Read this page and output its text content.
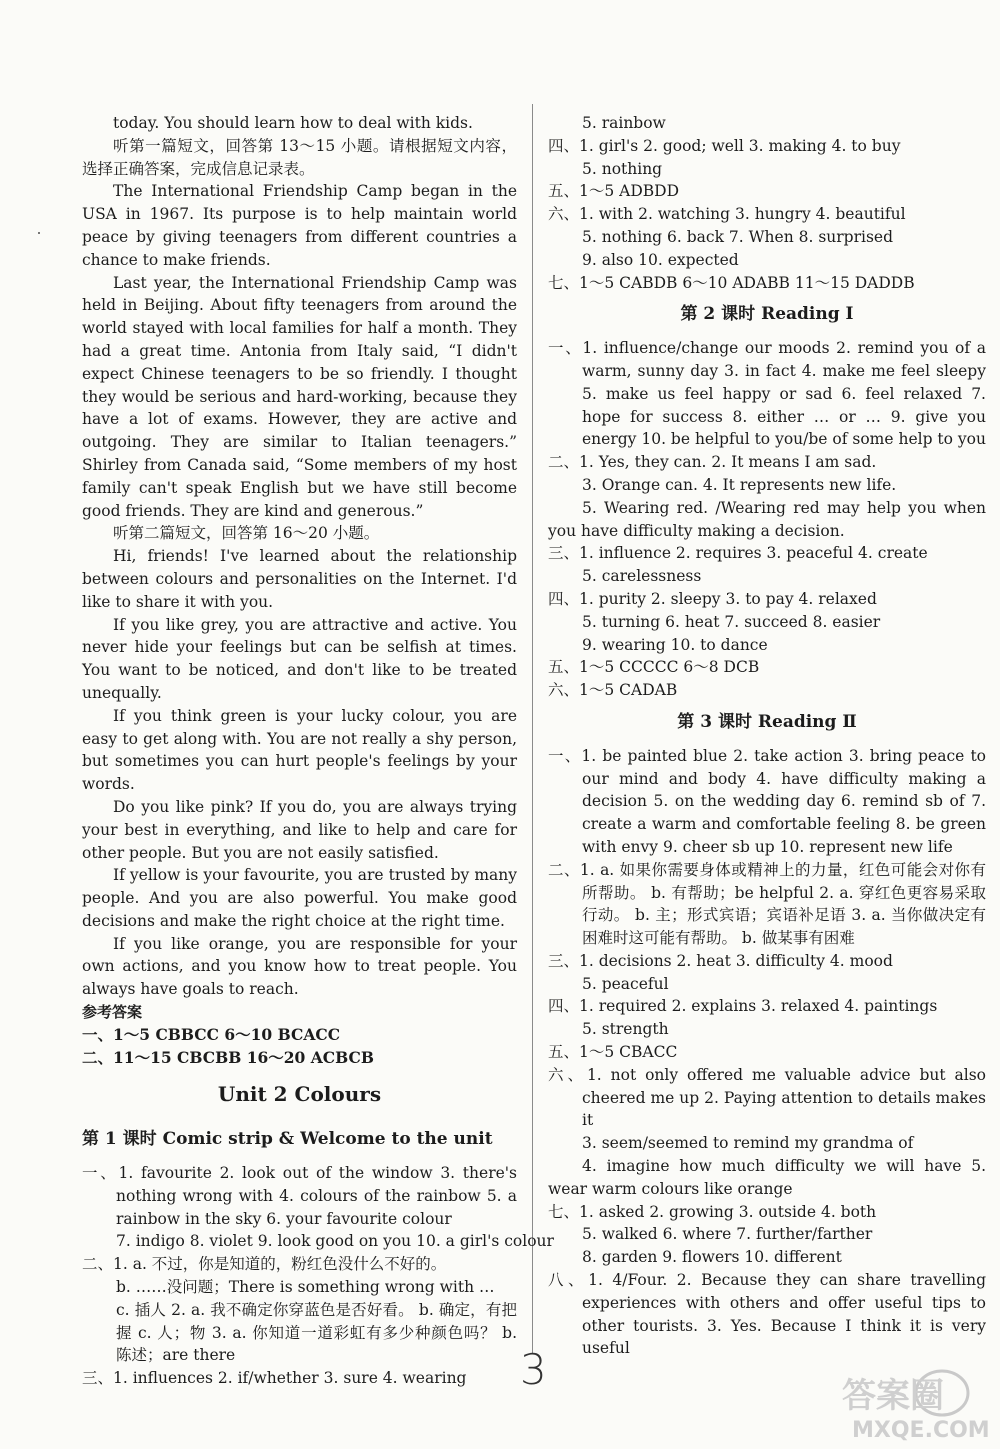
today. You should learn how to deal with kids.

听第一篇短文，回答第 13～15 小题。请根据短文内容，选择正确答案，完成信息记录表。

The International Friendship Camp began in the USA in 1967. Its purpose is to help maintain world peace by giving teenagers from different countries a chance to make friends.

Last year, the International Friendship Camp was held in Beijing. About fifty teenagers from around the world stayed with local families for half a month. They had a great time. Antonia from Italy said, “I didn't expect Chinese teenagers to be so friendly. I thought they would be serious and hard-working, because they have a lot of exams. However, they are active and outgoing. They are similar to Italian teenagers.” Shirley from Canada said, “Some members of my host family can't speak English but we have still become good friends. They are kind and generous.”

听第二篇短文，回答第 16～20 小题。

Hi, friends! I've learned about the relationship between colours and personalities on the Internet. I'd like to share it with you.

If you like grey, you are attractive and active. You never hide your feelings but can be selfish at times. You want to be noticed, and don't like to be treated unequally.

If you think green is your lucky colour, you are easy to get along with. You are not really a shy person, but sometimes you can hurt people's feelings by your words.

Do you like pink? If you do, you are always trying your best in everything, and like to help and care for other people. But you are not easily satisfied.

If yellow is your favourite, you are trusted by many people. And you are also powerful. You make good decisions and make the right choice at the right time.

If you like orange, you are responsible for your own actions, and you know how to treat people. You always have goals to reach.

参考答案

一、1～5 CBBCC 6～10 BCACC

二、11～15 CBCBB 16～20 ACBCB

Unit 2 Colours
第 1 课时 Comic strip & Welcome to the unit

一、1. favourite 2. look out of the window 3. there's nothing wrong with 4. colours of the rainbow 5. a rainbow in the sky 6. your favourite colour

7. indigo 8. violet 9. look good on you 10. a girl's colour

二、1. a. 不过，你是知道的，粉红色没什么不好的。

b. ……没问题；There is something wrong with …

c. 插人 2. a. 我不确定你穿蓝色是否好看。 b. 确定，有把握 c. 人；物 3. a. 你知道一道彩虹有多少种颜色吗？ b. 陈述；are there

三、1. influences 2. if/whether 3. sure 4. wearing

5. rainbow

四、1. girl's 2. good; well 3. making 4. to buy

5. nothing

五、1～5 ADBDD

六、1. with 2. watching 3. hungry 4. beautiful

5. nothing 6. back 7. When 8. surprised

9. also 10. expected

七、1～5 CABDB 6～10 ADABB 11～15 DADDB

第 2 课时 Reading Ⅰ

一、1. influence/change our moods 2. remind you of a warm, sunny day 3. in fact 4. make me feel sleepy 5. make us feel happy or sad 6. feel relaxed 7. hope for success 8. either … or … 9. give you energy 10. be helpful to you/be of some help to you

二、1. Yes, they can. 2. It means I am sad.

3. Orange can. 4. It represents new life.

5. Wearing red. /Wearing red may help you when you have difficulty making a decision.

三、1. influence 2. requires 3. peaceful 4. create

5. carelessness

四、1. purity 2. sleepy 3. to pay 4. relaxed

5. turning 6. heat 7. succeed 8. easier

9. wearing 10. to dance

五、1～5 CCCCC 6～8 DCB

六、1～5 CADAB

第 3 课时 Reading Ⅱ

一、1. be painted blue 2. take action 3. bring peace to our mind and body 4. have difficulty making a decision 5. on the wedding day 6. remind sb of 7. create a warm and comfortable feeling 8. be green with envy 9. cheer sb up 10. represent new life

二、1. a. 如果你需要身体或精神上的力量，红色可能会对你有所帮助。 b. 有帮助；be helpful 2. a. 穿红色更容易采取行动。 b. 主；形式宾语；宾语补足语 3. a. 当你做决定有困难时这可能有帮助。 b. 做某事有困难

三、1. decisions 2. heat 3. difficulty 4. mood

5. peaceful

四、1. required 2. explains 3. relaxed 4. paintings

5. strength

五、1～5 CBACC

六、1. not only offered me valuable advice but also cheered me up 2. Paying attention to details makes it

3. seem/seemed to remind my grandma of

4. imagine how much difficulty we will have 5. wear warm colours like orange

七、1. asked 2. growing 3. outside 4. both

5. walked 6. where 7. further/farther

8. garden 9. flowers 10. different

八、1. 4/Four. 2. Because they can share travelling experiences with others and offer useful tips to other tourists. 3. Yes. Because I think it is very useful

3
答案圈
MXQE.COM
